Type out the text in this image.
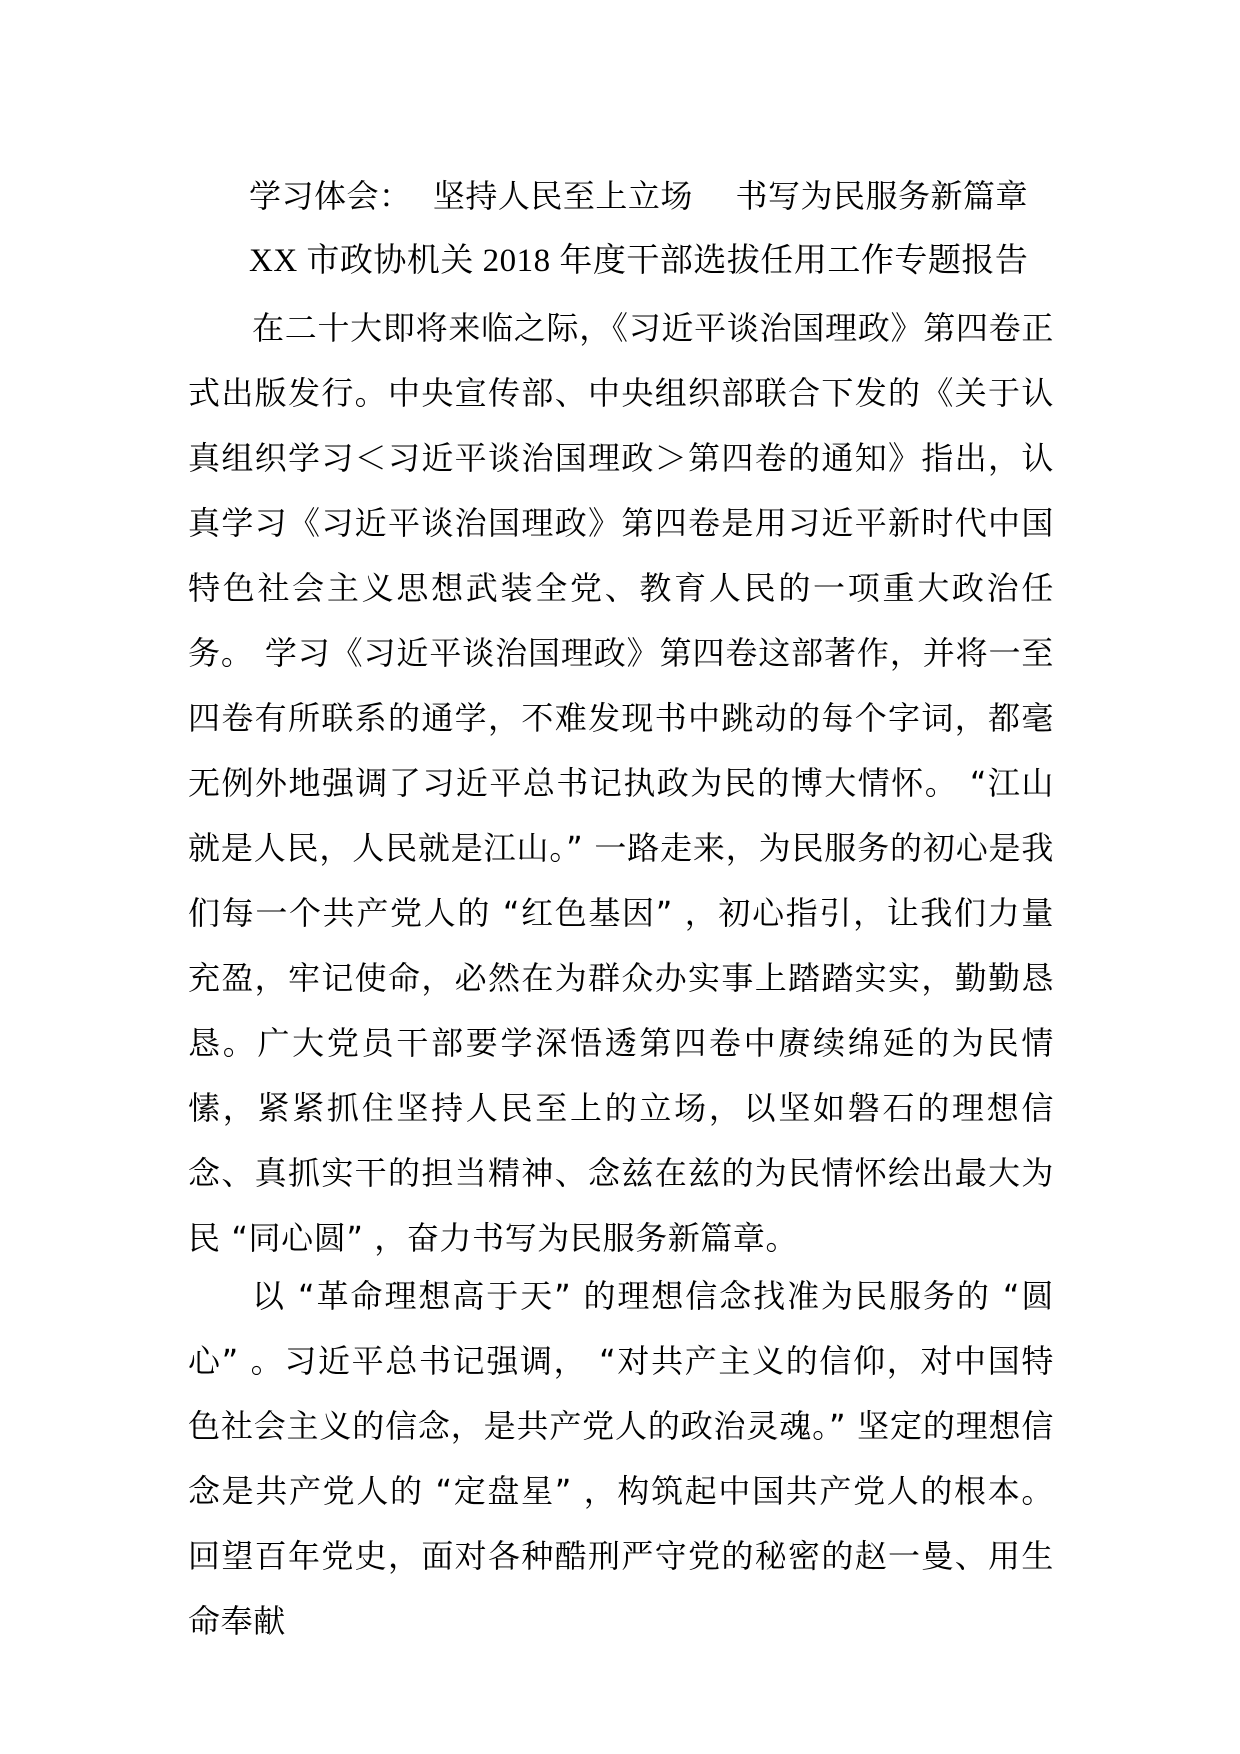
学习体会：  坚持人民至上立场    书写为民服务新篇章
XX 市政协机关 2018 年度干部选拔任用工作专题报告

在二十大即将来临之际，《习近平谈治国理政》第四卷正式出版发行。中央宣传部、中央组织部联合下发的《关于认真组织学习＜习近平谈治国理政＞第四卷的通知》指出，认真学习《习近平谈治国理政》第四卷是用习近平新时代中国特色社会主义思想武装全党、教育人民的一项重大政治任务。 学习《习近平谈治国理政》第四卷这部著作，并将一至四卷有所联系的通学，不难发现书中跳动的每个字词，都毫无例外地强调了习近平总书记执政为民的博大情怀。 “江山就是人民，人民就是江山。” 一路走来，为民服务的初心是我们每一个共产党人的 “红色基因” ，初心指引，让我们力量充盈，牢记使命，必然在为群众办实事上踏踏实实，勤勤恳恳。广大党员干部要学深悟透第四卷中赓续绵延的为民情愫，紧紧抓住坚持人民至上的立场，以坚如磐石的理想信念、真抓实干的担当精神、念兹在兹的为民情怀绘出最大为民 “同心圆” ，奋力书写为民服务新篇章。

以 “革命理想高于天” 的理想信念找准为民服务的 “圆心” 。习近平总书记强调， “对共产主义的信仰，对中国特色社会主义的信念，是共产党人的政治灵魂。” 坚定的理想信念是共产党人的 “定盘星” ，构筑起中国共产党人的根本。回望百年党史，面对各种酷刑严守党的秘密的赵一曼、用生命奉献
